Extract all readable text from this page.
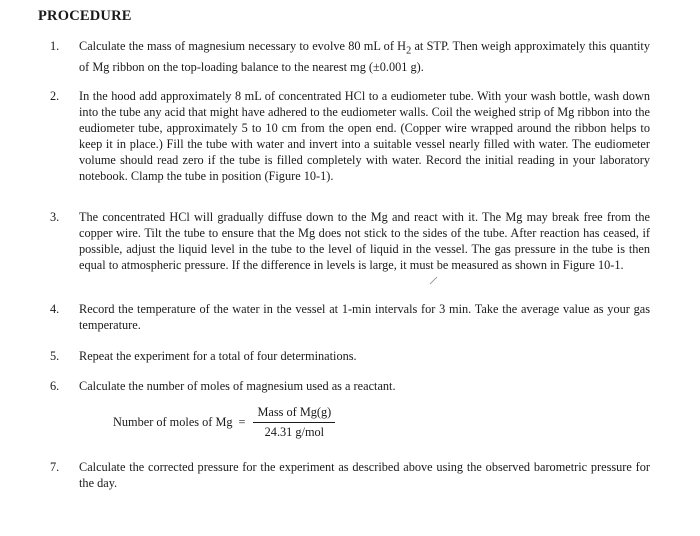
PROCEDURE
1.	Calculate the mass of magnesium necessary to evolve 80 mL of $H_2$ at STP. Then weigh approximately this quantity of Mg ribbon on the top-loading balance to the nearest mg (±0.001 g).
2.	In the hood add approximately 8 mL of concentrated HCl to a eudiometer tube. With your wash bottle, wash down into the tube any acid that might have adhered to the eudiometer walls. Coil the weighed strip of Mg ribbon into the eudiometer tube, approximately 5 to 10 cm from the open end. (Copper wire wrapped around the ribbon helps to keep it in place.) Fill the tube with water and invert into a suitable vessel nearly filled with water. The eudiometer volume should read zero if the tube is filled completely with water. Record the initial reading in your laboratory notebook. Clamp the tube in position (Figure 10-1).
3.	The concentrated HCl will gradually diffuse down to the Mg and react with it. The Mg may break free from the copper wire. Tilt the tube to ensure that the Mg does not stick to the sides of the tube. After reaction has ceased, if possible, adjust the liquid level in the tube to the level of liquid in the vessel. The gas pressure in the tube is then equal to atmospheric pressure. If the difference in levels is large, it must be measured as shown in Figure 10-1.
4.	Record the temperature of the water in the vessel at 1-min intervals for 3 min. Take the average value as your gas temperature.
5.	Repeat the experiment for a total of four determinations.
6.	Calculate the number of moles of magnesium used as a reactant.
Number of moles of $Mg = \frac{\text{Mass of Mg(g)}}{\text{24.31 g/mol}}$
7.	Calculate the corrected pressure for the experiment as described above using the observed barometric pressure for the day.
